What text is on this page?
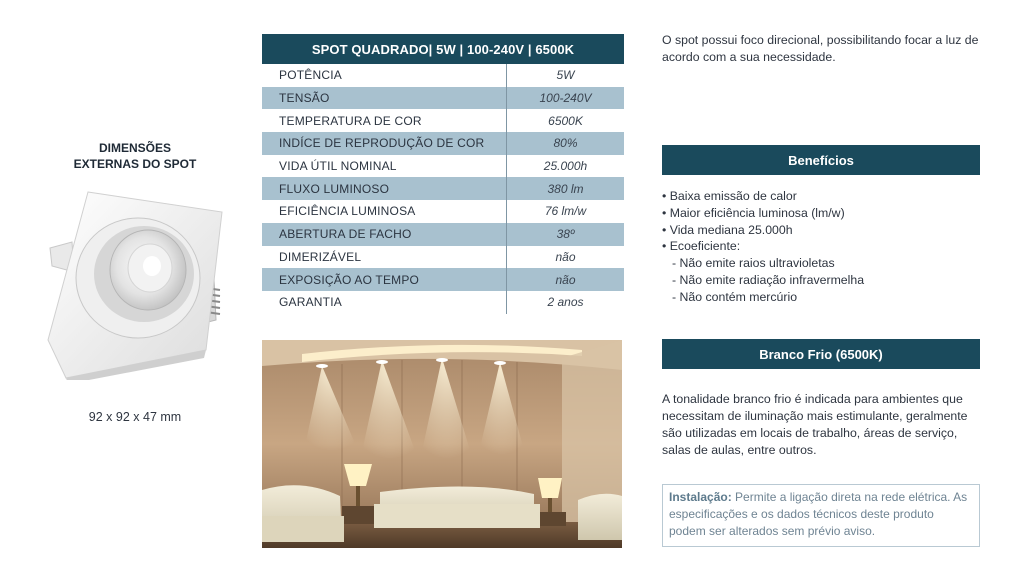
DIMENSÕES
EXTERNAS DO SPOT
92 x 92 x 47 mm
SPOT QUADRADO| 5W | 100-240V | 6500K
POTÊNCIA	5W
TENSÃO	100-240V
TEMPERATURA DE COR	6500K
INDÍCE DE REPRODUÇÃO DE COR	80%
VIDA ÚTIL NOMINAL	25.000h
FLUXO LUMINOSO	380 lm
EFICIÊNCIA LUMINOSA	76 lm/w
ABERTURA DE FACHO	38º
DIMERIZÁVEL	não
EXPOSIÇÃO AO TEMPO	não
GARANTIA	2 anos
O spot possui foco direcional, possibilitando focar a luz de acordo com a sua necessidade.
Benefícios
• Baixa emissão de calor
• Maior eficiência luminosa (lm/w)
• Vida mediana 25.000h
• Ecoeficiente:
- Não emite raios ultravioletas
- Não emite radiação infravermelha
- Não contém mercúrio
Branco Frio (6500K)
A tonalidade branco frio é indicada para ambientes que necessitam de iluminação mais estimulante, geralmente são utilizadas em locais de trabalho, áreas de serviço, salas de aulas, entre outros.
Instalação: Permite a ligação direta na rede elétrica. As especificações e os dados técnicos deste produto podem ser alterados sem prévio aviso.
